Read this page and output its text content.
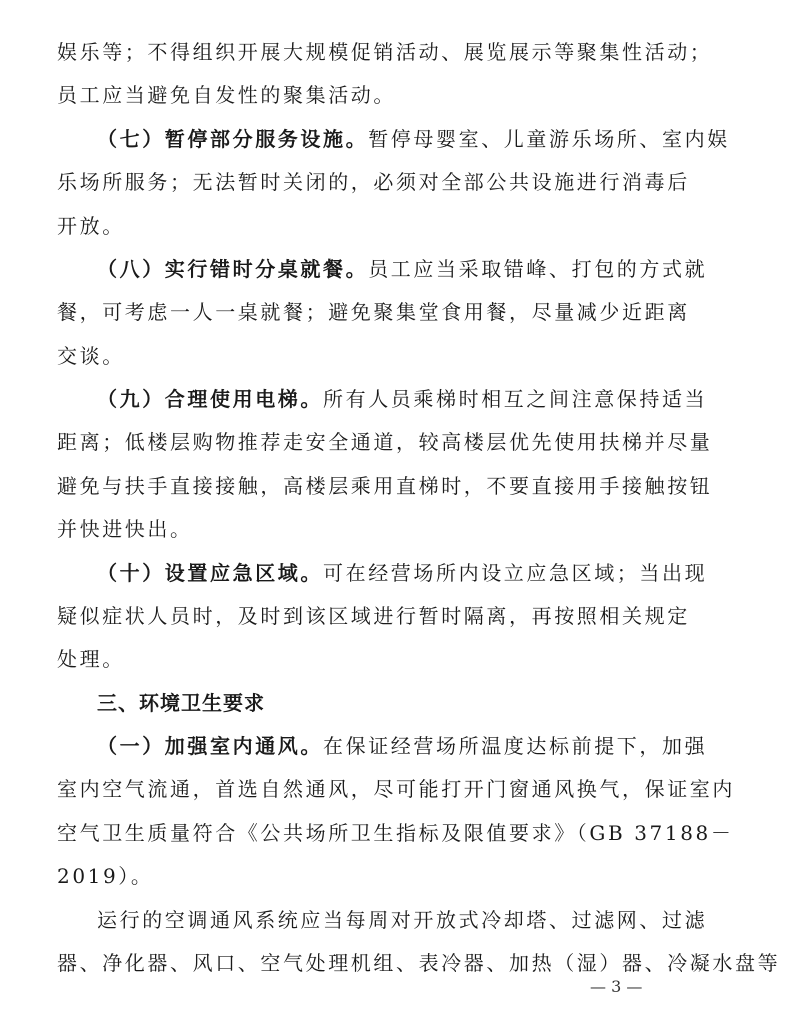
娱乐等；不得组织开展大规模促销活动、展览展示等聚集性活动；
员工应当避免自发性的聚集活动。
（七）暂停部分服务设施。暂停母婴室、儿童游乐场所、室内娱
乐场所服务；无法暂时关闭的，必须对全部公共设施进行消毒后
开放。
（八）实行错时分桌就餐。员工应当采取错峰、打包的方式就
餐，可考虑一人一桌就餐；避免聚集堂食用餐，尽量减少近距离
交谈。
（九）合理使用电梯。所有人员乘梯时相互之间注意保持适当
距离；低楼层购物推荐走安全通道，较高楼层优先使用扶梯并尽量
避免与扶手直接接触，高楼层乘用直梯时，不要直接用手接触按钮
并快进快出。
（十）设置应急区域。可在经营场所内设立应急区域；当出现
疑似症状人员时，及时到该区域进行暂时隔离，再按照相关规定
处理。
三、环境卫生要求
（一）加强室内通风。在保证经营场所温度达标前提下，加强
室内空气流通，首选自然通风，尽可能打开门窗通风换气，保证室内
空气卫生质量符合《公共场所卫生指标及限值要求》（GB 37188－
2019）。
运行的空调通风系统应当每周对开放式冷却塔、过滤网、过滤
器、净化器、风口、空气处理机组、表冷器、加热（湿）器、冷凝水盘等
— 3 —
